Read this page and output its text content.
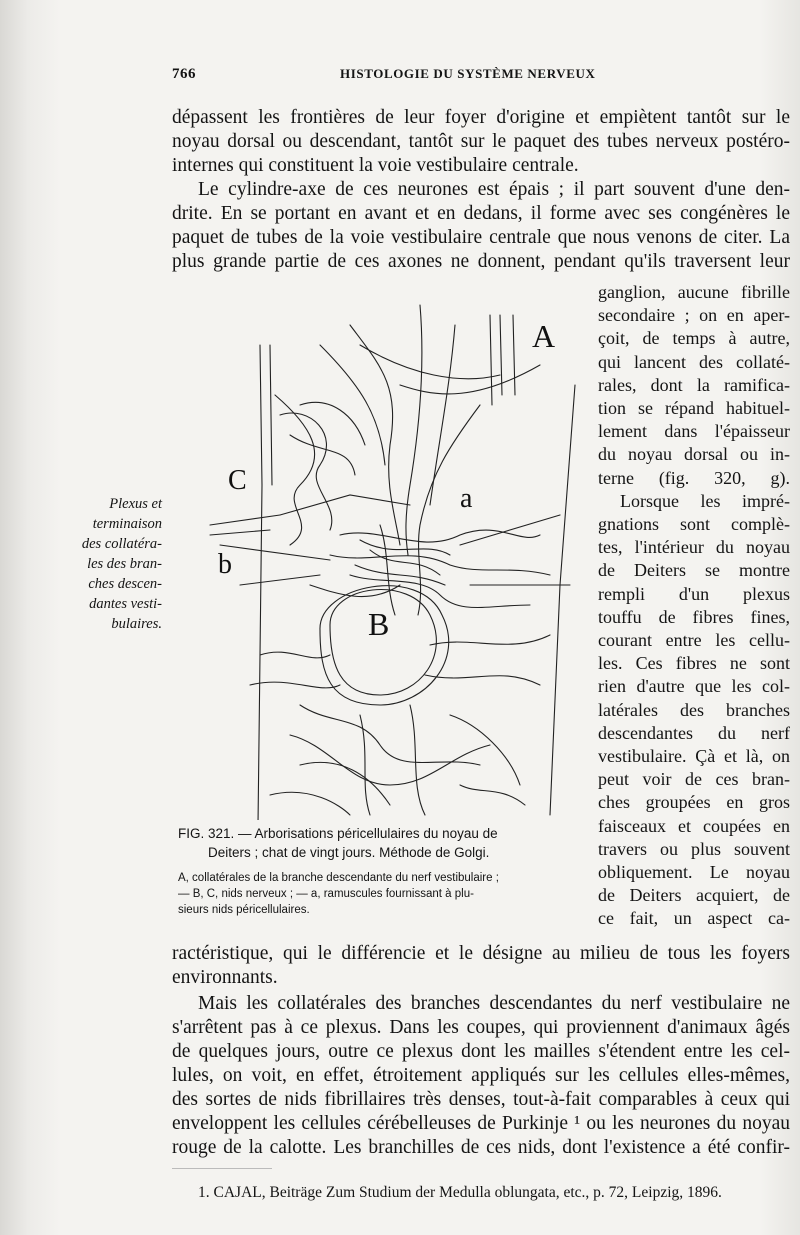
766	HISTOLOGIE DU SYSTÈME NERVEUX
dépassent les frontières de leur foyer d'origine et empiètent tantôt sur le
noyau dorsal ou descendant, tantôt sur le paquet des tubes nerveux postéro-
internes qui constituent la voie vestibulaire centrale.
Le cylindre-axe de ces neurones est épais ; il part souvent d'une den-
drite. En se portant en avant et en dedans, il forme avec ses congénères le
paquet de tubes de la voie vestibulaire centrale que nous venons de citer. La
plus grande partie de ces axones ne donnent, pendant qu'ils traversent leur
ganglion, aucune fibrille
secondaire ; on en aper-
çoit, de temps à autre,
qui lancent des collaté-
rales, dont la ramifica-
tion se répand habituel-
lement dans l'épaisseur
du noyau dorsal ou in-
terne (fig. 320, g).
Lorsque les impré-
gnations sont complè-
tes, l'intérieur du noyau
de Deiters se montre
rempli d'un plexus
touffu de fibres fines,
courant entre les cellu-
les. Ces fibres ne sont
rien d'autre que les col-
latérales des branches
descendantes du nerf
vestibulaire. Çà et là, on
peut voir de ces bran-
ches groupées en gros
faisceaux et coupées en
travers ou plus souvent
obliquement. Le noyau
de Deiters acquiert, de
ce fait, un aspect ca-
Plexus et
terminaison
des collatéra-
les des bran-
ches descen-
dantes vesti-
bulaires.
A
B
C
a
b
FIG. 321. — Arborisations péricellulaires du noyau de
Deiters ; chat de vingt jours. Méthode de Golgi.
A, collatérales de la branche descendante du nerf vestibulaire ;
— B, C, nids nerveux ; — a, ramuscules fournissant à plu-
sieurs nids péricellulaires.
ractéristique, qui le différencie et le désigne au milieu de tous les foyers
environnants.
Mais les collatérales des branches descendantes du nerf vestibulaire ne
s'arrêtent pas à ce plexus. Dans les coupes, qui proviennent d'animaux âgés
de quelques jours, outre ce plexus dont les mailles s'étendent entre les cel-
lules, on voit, en effet, étroitement appliqués sur les cellules elles-mêmes,
des sortes de nids fibrillaires très denses, tout-à-fait comparables à ceux qui
enveloppent les cellules cérébelleuses de Purkinje ¹ ou les neurones du noyau
rouge de la calotte. Les branchilles de ces nids, dont l'existence a été confir-
1. CAJAL, Beiträge Zum Studium der Medulla oblungata, etc., p. 72, Leipzig, 1896.
